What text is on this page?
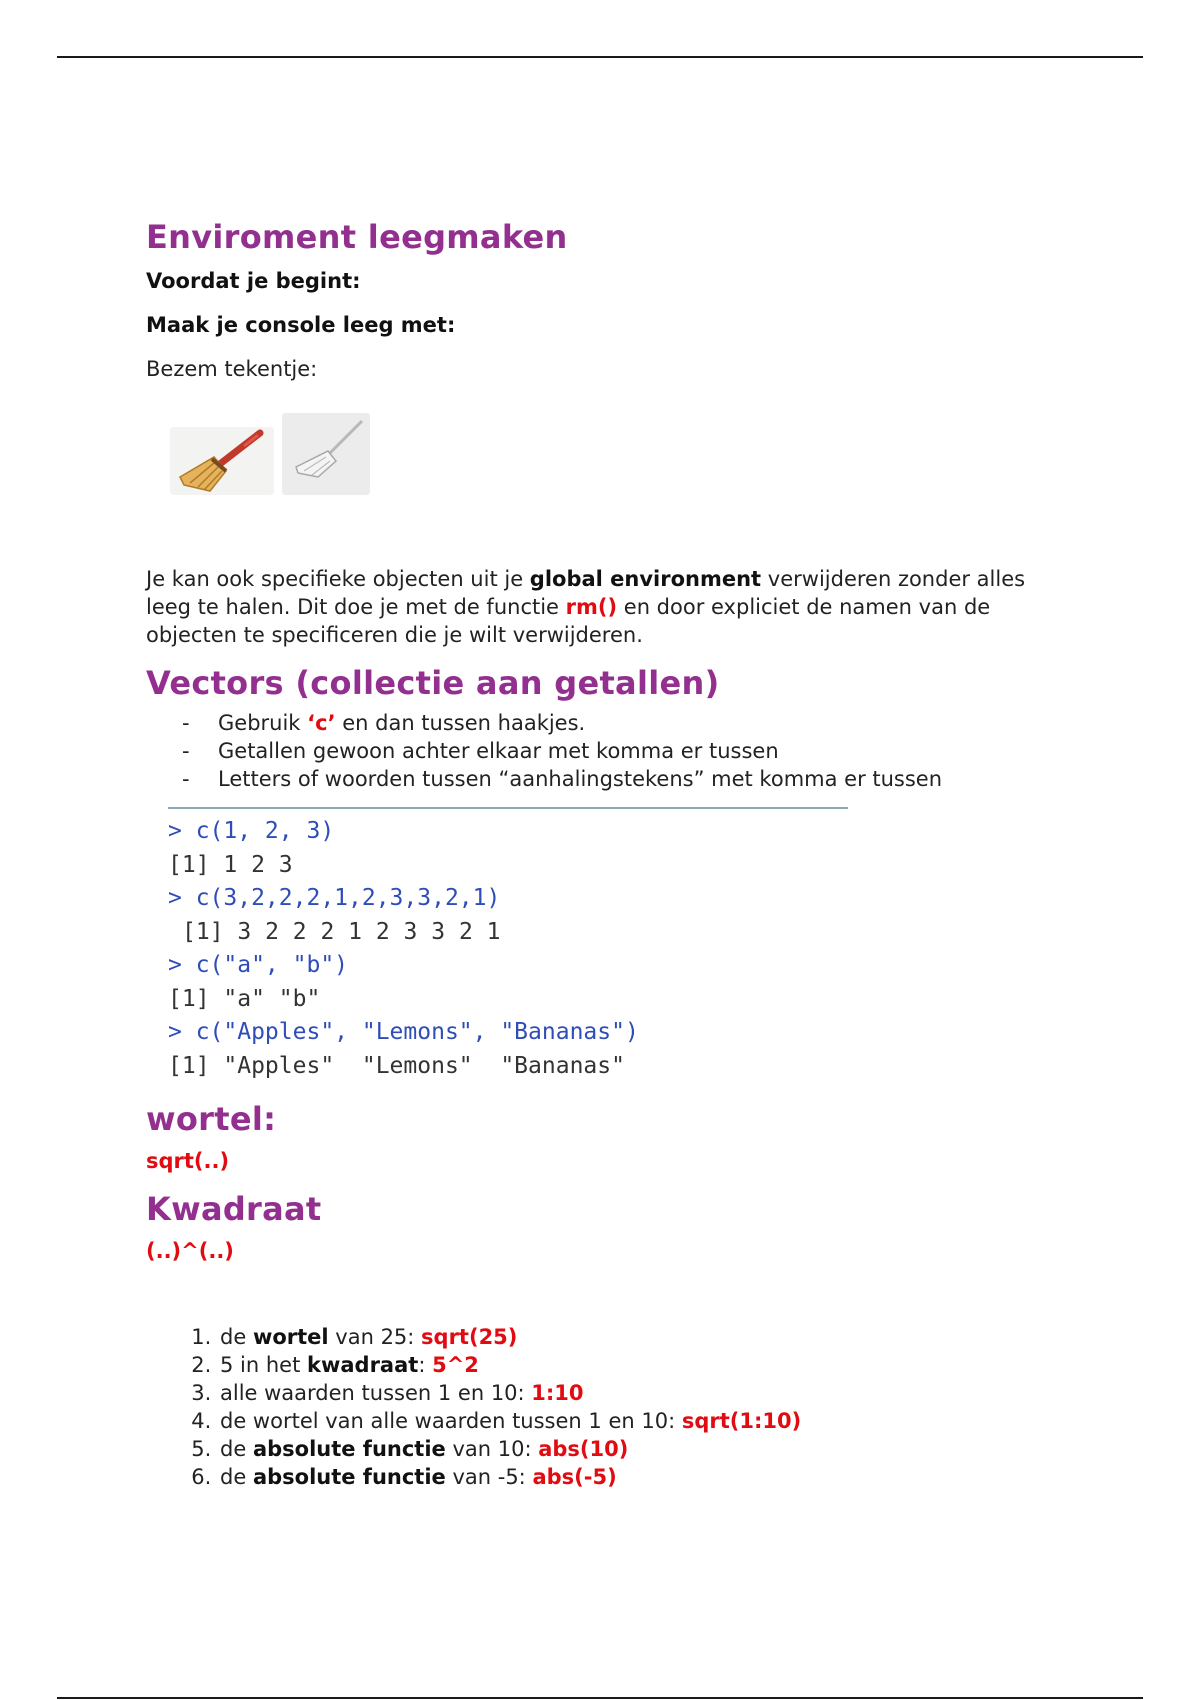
Enviroment leegmaken

Voordat je begint:

Maak je console leeg met:

Bezem tekentje:

Je kan ook specifieke objecten uit je global environment verwijderen zonder alles leeg te halen. Dit doe je met de functie rm() en door expliciet de namen van de objecten te specificeren die je wilt verwijderen.

Vectors (collectie aan getallen)
- Gebruik ‘c’ en dan tussen haakjes.
- Getallen gewoon achter elkaar met komma er tussen
- Letters of woorden tussen “aanhalingstekens” met komma er tussen
> c(1, 2, 3)
[1] 1 2 3
> c(3,2,2,2,1,2,3,3,2,1)
[1] 3 2 2 2 1 2 3 3 2 1
> c("a", "b")
[1] "a" "b"
> c("Apples", "Lemons", "Bananas")
[1] "Apples"  "Lemons"  "Bananas"
wortel:

sqrt(..)

Kwadraat

(..)^(..)

1. de wortel van 25: sqrt(25)
2. 5 in het kwadraat: 5^2
3. alle waarden tussen 1 en 10: 1:10
4. de wortel van alle waarden tussen 1 en 10: sqrt(1:10)
5. de absolute functie van 10: abs(10)
6. de absolute functie van -5: abs(-5)
